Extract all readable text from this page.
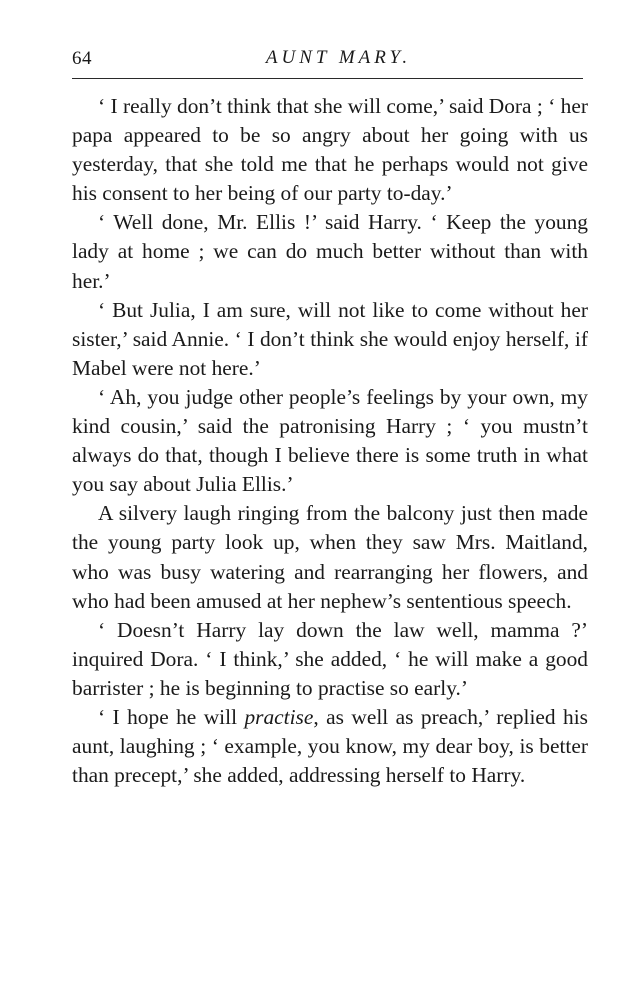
64	AUNT MARY.

‘ I really don’t think that she will come,’ said Dora ; ‘ her papa appeared to be so angry about her going with us yesterday, that she told me that he perhaps would not give his consent to her being of our party to-day.’

‘ Well done, Mr. Ellis !’ said Harry. ‘ Keep the young lady at home ; we can do much better without than with her.’

‘ But Julia, I am sure, will not like to come without her sister,’ said Annie. ‘ I don’t think she would enjoy herself, if Mabel were not here.’

‘ Ah, you judge other people’s feelings by your own, my kind cousin,’ said the patronising Harry ; ‘ you mustn’t always do that, though I believe there is some truth in what you say about Julia Ellis.’

A silvery laugh ringing from the balcony just then made the young party look up, when they saw Mrs. Maitland, who was busy watering and rearranging her flowers, and who had been amused at her nephew’s sententious speech.

‘ Doesn’t Harry lay down the law well, mamma ?’ inquired Dora. ‘ I think,’ she added, ‘ he will make a good barrister ; he is beginning to practise so early.’

‘ I hope he will practise, as well as preach,’ replied his aunt, laughing ; ‘ example, you know, my dear boy, is better than precept,’ she added, addressing herself to Harry.
